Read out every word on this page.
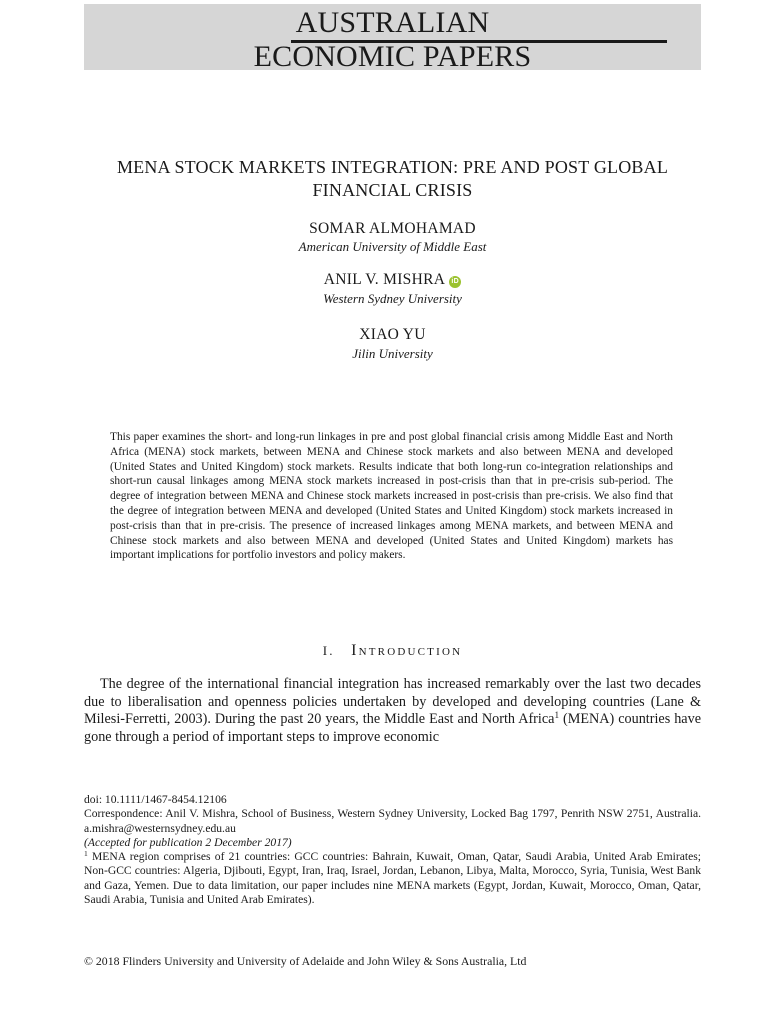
AUSTRALIAN
ECONOMIC PAPERS
MENA STOCK MARKETS INTEGRATION: PRE AND POST GLOBAL FINANCIAL CRISIS
SOMAR ALMOHAMAD
American University of Middle East
ANIL V. MISHRA iD
Western Sydney University
XIAO YU
Jilin University

This paper examines the short- and long-run linkages in pre and post global financial crisis among Middle East and North Africa (MENA) stock markets, between MENA and Chinese stock markets and also between MENA and developed (United States and United Kingdom) stock markets. Results indicate that both long-run co-integration relationships and short-run causal linkages among MENA stock markets increased in post-crisis than that in pre-crisis sub-period. The degree of integration between MENA and Chinese stock markets increased in post-crisis than pre-crisis. We also find that the degree of integration between MENA and developed (United States and United Kingdom) stock markets increased in post-crisis than that in pre-crisis. The presence of increased linkages among MENA markets, and between MENA and Chinese stock markets and also between MENA and developed (United States and United Kingdom) markets has important implications for portfolio investors and policy makers.

I. Introduction

The degree of the international financial integration has increased remarkably over the last two decades due to liberalisation and openness policies undertaken by developed and developing countries (Lane & Milesi-Ferretti, 2003). During the past 20 years, the Middle East and North Africa$^1$ (MENA) countries have gone through a period of important steps to improve economic

doi: 10.1111/1467-8454.12106

Correspondence: Anil V. Mishra, School of Business, Western Sydney University, Locked Bag 1797, Penrith NSW 2751, Australia. a.mishra@westernsydney.edu.au

(Accepted for publication 2 December 2017)

$^1$ MENA region comprises of 21 countries: GCC countries: Bahrain, Kuwait, Oman, Qatar, Saudi Arabia, United Arab Emirates; Non-GCC countries: Algeria, Djibouti, Egypt, Iran, Iraq, Israel, Jordan, Lebanon, Libya, Malta, Morocco, Syria, Tunisia, West Bank and Gaza, Yemen. Due to data limitation, our paper includes nine MENA markets (Egypt, Jordan, Kuwait, Morocco, Oman, Qatar, Saudi Arabia, Tunisia and United Arab Emirates).

© 2018 Flinders University and University of Adelaide and John Wiley & Sons Australia, Ltd
